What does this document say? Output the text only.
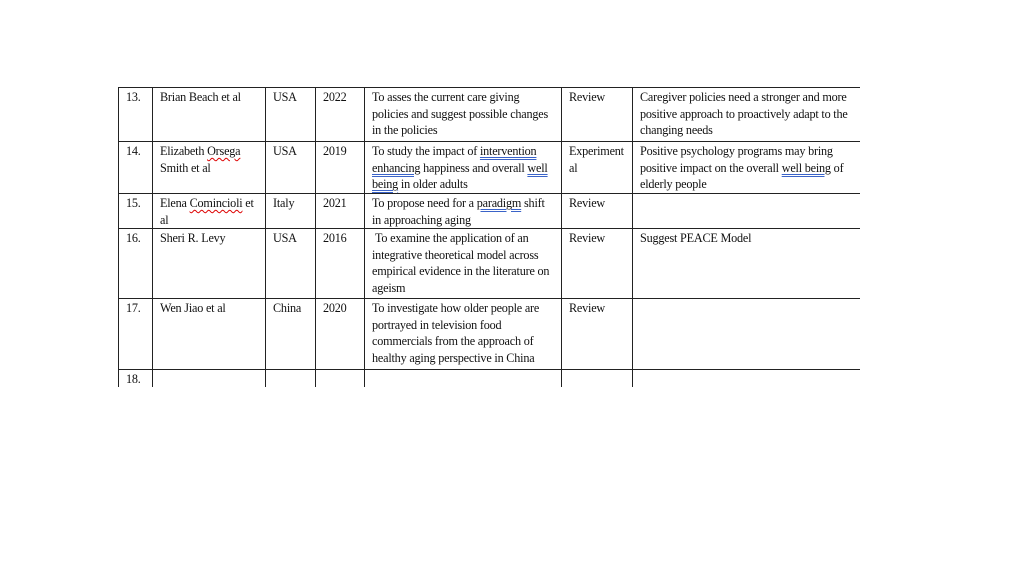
13.	Brian Beach et al	USA	2022	To asses the current care giving policies and suggest possible changes in the policies	Review	Caregiver policies need a stronger and more positive approach to proactively adapt to the changing needs
14.	Elizabeth Orsega Smith et al	USA	2019	To study the impact of intervention enhancing happiness and overall well being in older adults	Experiment al	Positive psychology programs may bring positive impact on the overall well being of elderly people
15.	Elena Comincioli et al	Italy	2021	To propose need for a paradigm shift in approaching aging	Review	
16.	Sheri R. Levy	USA	2016	To examine the application of an integrative theoretical model across empirical evidence in the literature on ageism	Review	Suggest PEACE Model
17.	Wen Jiao et al	China	2020	To investigate how older people are portrayed in television food commercials from the approach of healthy aging perspective in China	Review	
18.						
